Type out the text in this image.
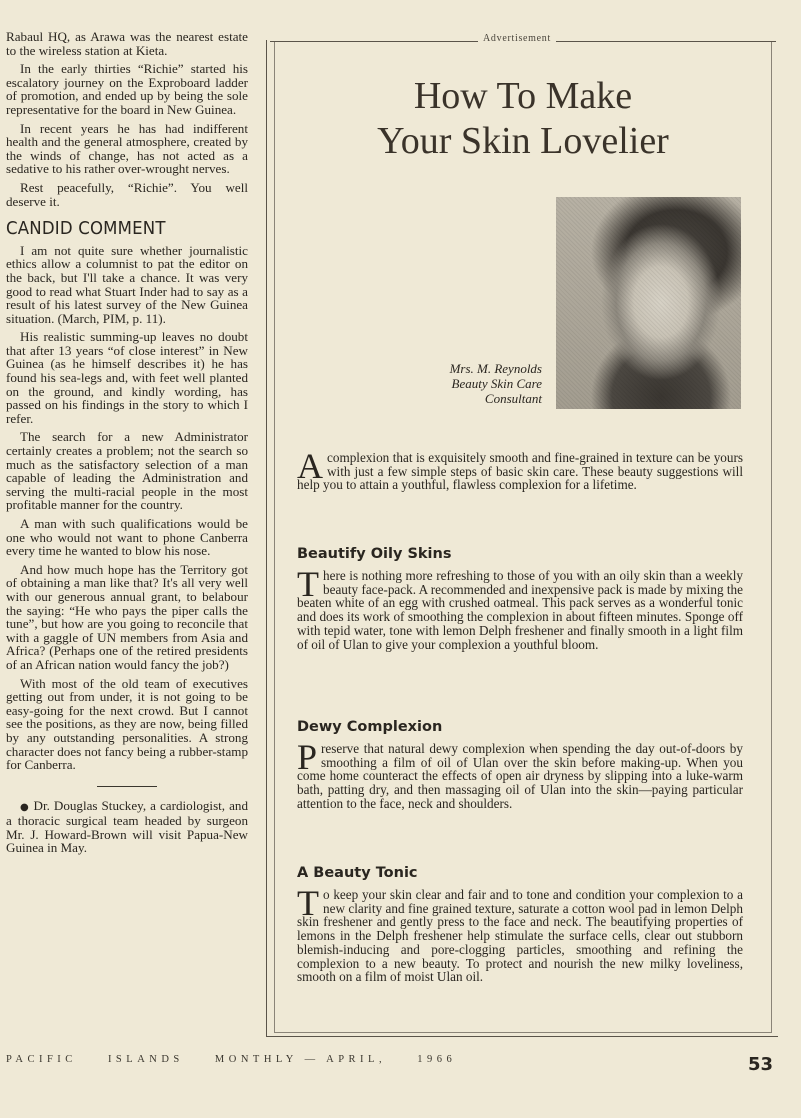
Rabaul HQ, as Arawa was the nearest estate to the wireless station at Kieta.

In the early thirties “Richie” started his escalatory journey on the Exproboard ladder of promotion, and ended up by being the sole representative for the board in New Guinea.

In recent years he has had indifferent health and the general atmosphere, created by the winds of change, has not acted as a sedative to his rather over-wrought nerves.

Rest peacefully, “Richie”. You well deserve it.

CANDID COMMENT

I am not quite sure whether journalistic ethics allow a columnist to pat the editor on the back, but I'll take a chance. It was very good to read what Stuart Inder had to say as a result of his latest survey of the New Guinea situation. (March, PIM, p. 11).

His realistic summing-up leaves no doubt that after 13 years “of close interest” in New Guinea (as he himself describes it) he has found his sea-legs and, with feet well planted on the ground, and kindly wording, has passed on his findings in the story to which I refer.

The search for a new Administrator certainly creates a problem; not the search so much as the satisfactory selection of a man capable of leading the Administration and serving the multi-racial people in the most profitable manner for the country.

A man with such qualifications would be one who would not want to phone Canberra every time he wanted to blow his nose.

And how much hope has the Territory got of obtaining a man like that? It's all very well with our generous annual grant, to belabour the saying: “He who pays the piper calls the tune”, but how are you going to reconcile that with a gaggle of UN members from Asia and Africa? (Perhaps one of the retired presidents of an African nation would fancy the job?)

With most of the old team of executives getting out from under, it is not going to be easy-going for the next crowd. But I cannot see the positions, as they are now, being filled by any outstanding personalities. A strong character does not fancy being a rubber-stamp for Canberra.

● Dr. Douglas Stuckey, a cardiologist, and a thoracic surgical team headed by surgeon Mr. J. Howard-Brown will visit Papua-New Guinea in May.

Advertisement
How To Make
Your Skin Lovelier
Mrs. M. Reynolds
Beauty Skin Care
Consultant
Acomplexion that is exquisitely smooth and fine-grained in texture can be yours with just a few simple steps of basic skin care. These beauty suggestions will help you to attain a youthful, flawless complexion for a lifetime.
Beautify Oily Skins
There is nothing more refreshing to those of you with an oily skin than a weekly beauty face-pack. A recommended and inexpensive pack is made by mixing the beaten white of an egg with crushed oatmeal. This pack serves as a wonderful tonic and does its work of smoothing the complexion in about fifteen minutes. Sponge off with tepid water, tone with lemon Delph freshener and finally smooth in a light film of oil of Ulan to give your complexion a youthful bloom.
Dewy Complexion
Preserve that natural dewy complexion when spending the day out-of-doors by smoothing a film of oil of Ulan over the skin before making-up. When you come home counteract the effects of open air dryness by slipping into a luke-warm bath, patting dry, and then massaging oil of Ulan into the skin—paying particular attention to the face, neck and shoulders.
A Beauty Tonic
To keep your skin clear and fair and to tone and condition your complexion to a new clarity and fine grained texture, saturate a cotton wool pad in lemon Delph skin freshener and gently press to the face and neck. The beautifying properties of lemons in the Delph freshener help stimulate the surface cells, clear out stubborn blemish-inducing and pore-clogging particles, smoothing and refining the complexion to a new beauty. To protect and nourish the new milky loveliness, smooth on a film of moist Ulan oil.
PACIFIC	ISLANDS	MONTHLY — APRIL,	1966	53
